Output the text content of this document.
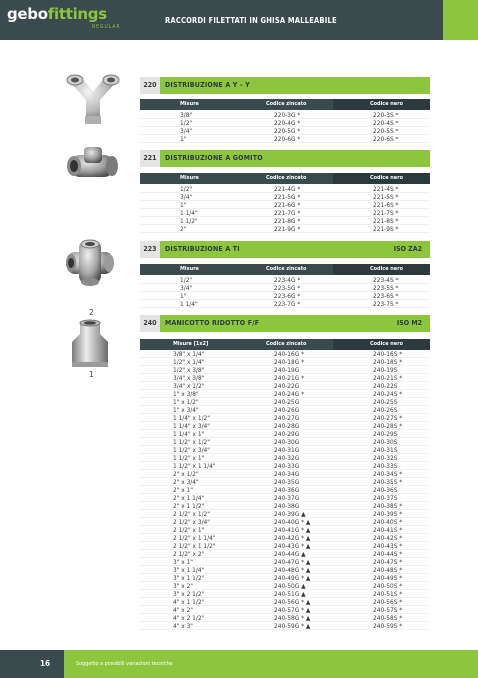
gebofittings
REGULAR
RACCORDI FILETTATI IN GHISA MALLEABILE
2
1
220	DISTRIBUZIONE A Y - Y
Misure	Codice zincato	Codice nero
3/8"	220-3G *	220-3S *
1/2"	220-4G *	220-4S *
3/4"	220-5G *	220-5S *
1"	220-6G *	220-6S *
221	DISTRIBUZIONE A GOMITO
Misure	Codice zincato	Codice nero
1/2"	221-4G *	221-4S *
3/4"	221-5G *	221-5S *
1"	221-6G *	221-6S *
1 1/4"	221-7G *	221-7S *
1 1/2"	221-8G *	221-8S *
2"	221-9G *	221-9S *
223	DISTRIBUZIONE A TI	ISO ZA2
Misure	Codice zincato	Codice nero
1/2"	223-4G *	223-4S *
3/4"	223-5G *	223-5S *
1"	223-6G *	223-6S *
1 1/4"	223-7G *	223-7S *
240	MANICOTTO RIDOTTO F/F	ISO M2
Misure [1x2]	Codice zincato	Codice nero
3/8" x 1/4"	240-16G *	240-16S *
1/2" x 1/4"	240-18G *	240-18S *
1/2" x 3/8"	240-19G	240-19S
3/4" x 3/8"	240-21G *	240-21S *
3/4" x 1/2"	240-22G	240-22S
1" x 3/8"	240-24G *	240-24S *
1" x 1/2"	240-25G	240-25S
1" x 3/4"	240-26G	240-26S
1 1/4" x 1/2"	240-27G	240-27S *
1 1/4" x 3/4"	240-28G	240-28S *
1 1/4" x 1"	240-29G	240-29S
1 1/2" x 1/2"	240-30G	240-30S
1 1/2" x 3/4"	240-31G	240-31S
1 1/2" x 1"	240-32G	240-32S
1 1/2" x 1 1/4"	240-33G	240-33S
2" x 1/2"	240-34G	240-34S *
2" x 3/4"	240-35G	240-35S *
2" x 1"	240-36G	240-36S
2" x 1 1/4"	240-37G	240-37S
2" x 1 1/2"	240-38G	240-38S *
2 1/2" x 1/2"	240-39G ▲	240-39S *
2 1/2" x 3/4"	240-40G * ▲	240-40S *
2 1/2" x 1"	240-41G * ▲	240-41S *
2 1/2" x 1 1/4"	240-42G * ▲	240-42S *
2 1/2" x 1 1/2"	240-43G * ▲	240-43S *
2 1/2" x 2"	240-44G ▲	240-44S *
3" x 1"	240-47G * ▲	240-47S *
3" x 1 1/4"	240-48G * ▲	240-48S *
3" x 1 1/2"	240-49G * ▲	240-49S *
3" x 2"	240-50G ▲	240-50S *
3" x 2 1/2"	240-51G ▲	240-51S *
4" x 1 1/2"	240-56G * ▲	240-56S *
4" x 2"	240-57G * ▲	240-57S *
4" x 2 1/2"	240-58G * ▲	240-58S *
4" x 3"	240-59G * ▲	240-59S *
16	Soggetto a possibili variazioni tecniche
